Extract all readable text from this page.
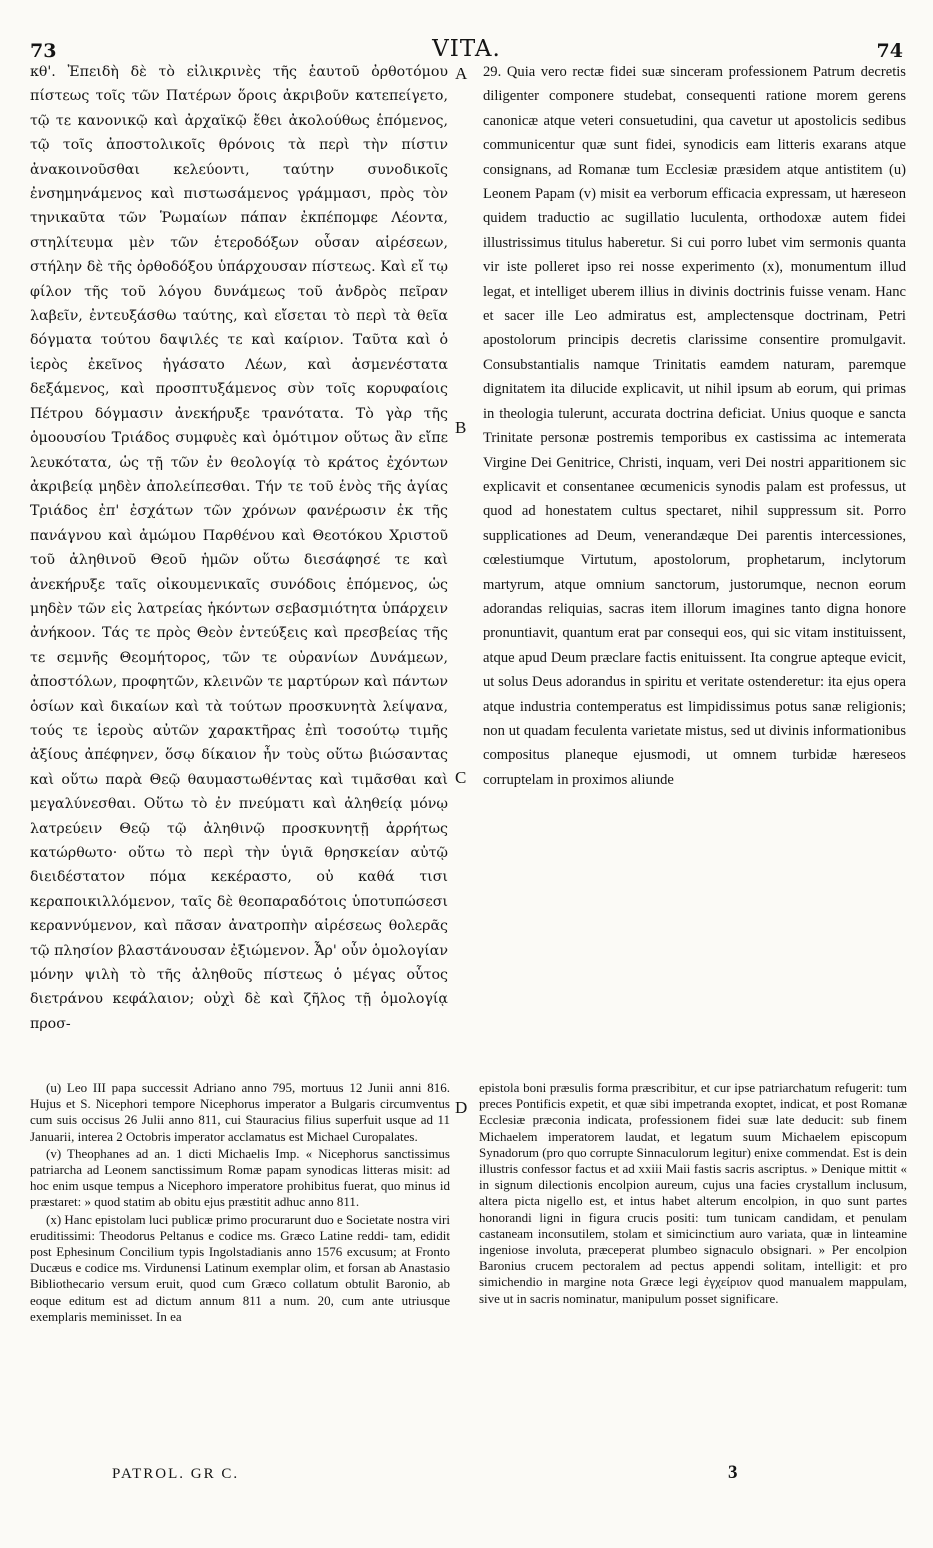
73	VITA.	74

κθ'. Ἐπειδὴ δὲ τὸ εἰλικρινὲς τῆς ἑαυτοῦ ὀρθοτόμου πίστεως τοῖς τῶν Πατέρων ὅροις ἀκριβοῦν κατεπείγετο, τῷ τε κανονικῷ καὶ ἀρχαϊκῷ ἔθει ἀκολούθως ἑπόμενος, τῷ τοῖς ἀποστολικοῖς θρόνοις τὰ περὶ τὴν πίστιν ἀνακοινοῦσθαι κελεύοντι, ταύτην συνοδικοῖς ἐνσημηνάμενος καὶ πιστωσάμενος γράμμασι, πρὸς τὸν τηνικαῦτα τῶν Ῥωμαίων πάπαν ἐκπέπομφε Λέοντα, στηλίτευμα μὲν τῶν ἑτεροδόξων οὖσαν αἱρέσεων, στήλην δὲ τῆς ὀρθοδόξου ὑπάρχουσαν πίστεως. Καὶ εἴ τῳ φίλον τῆς τοῦ λόγου δυνάμεως τοῦ ἀνδρὸς πεῖραν λαβεῖν, ἐντευξάσθω ταύτης, καὶ εἴσεται τὸ περὶ τὰ θεῖα δόγματα τούτου δαψιλές τε καὶ καίριον. Ταῦτα καὶ ὁ ἱερὸς ἐκεῖνος ἠγάσατο Λέων, καὶ ἀσμενέστατα δεξάμενος, καὶ προσπτυξάμενος σὺν τοῖς κορυφαίοις Πέτρου δόγμασιν ἀνεκήρυξε τρανότατα. Τὸ γὰρ τῆς ὁμοουσίου Τριάδος συμφυὲς καὶ ὁμότιμον οὕτως ἂν εἴπε λευκότατα, ὡς τῇ τῶν ἐν θεολογίᾳ τὸ κράτος ἐχόντων ἀκριβείᾳ μηδὲν ἀπολείπεσθαι. Τήν τε τοῦ ἑνὸς τῆς ἁγίας Τριάδος ἐπ' ἐσχάτων τῶν χρόνων φανέρωσιν ἐκ τῆς πανάγνου καὶ ἀμώμου Παρθένου καὶ Θεοτόκου Χριστοῦ τοῦ ἀληθινοῦ Θεοῦ ἡμῶν οὕτω διεσάφησέ τε καὶ ἀνεκήρυξε ταῖς οἰκουμενικαῖς συνόδοις ἑπόμενος, ὡς μηδὲν τῶν εἰς λατρείας ἡκόντων σεβασμιότητα ὑπάρχειν ἀνήκοον. Τάς τε πρὸς Θεὸν ἐντεύξεις καὶ πρεσβείας τῆς τε σεμνῆς Θεομήτορος, τῶν τε οὐρανίων Δυνάμεων, ἀποστόλων, προφητῶν, κλεινῶν τε μαρτύρων καὶ πάντων ὁσίων καὶ δικαίων καὶ τὰ τούτων προσκυνητὰ λείψανα, τούς τε ἱεροὺς αὐτῶν χαρακτῆρας ἐπὶ τοσούτῳ τιμῆς ἀξίους ἀπέφηνεν, ὅσῳ δίκαιον ἦν τοὺς οὕτω βιώσαντας καὶ οὕτω παρὰ Θεῷ θαυμαστωθέντας καὶ τιμᾶσθαι καὶ μεγαλύνεσθαι. Οὕτω τὸ ἐν πνεύματι καὶ ἀληθείᾳ μόνῳ λατρεύειν Θεῷ τῷ ἀληθινῷ προσκυνητῇ ἀρρήτως κατώρθωτο· οὕτω τὸ περὶ τὴν ὑγιᾶ θρησκείαν αὐτῷ διειδέστατον πόμα κεκέραστο, οὐ καθά τισι κεραποικιλλόμενον, ταῖς δὲ θεοπαραδότοις ὑποτυπώσεσι κεραννύμενον, καὶ πᾶσαν ἀνατροπὴν αἱρέσεως θολερᾶς τῷ πλησίον βλαστάνουσαν ἐξιώμενον. Ἆρ' οὖν ὁμολογίαν μόνην ψιλὴ τὸ τῆς ἀληθοῦς πίστεως ὁ μέγας οὗτος διετράνου κεφάλαιον; οὐχὶ δὲ καὶ ζῆλος τῇ ὁμολογίᾳ προσ-

A
B
C
D

29. Quia vero rectæ fidei suæ sinceram professionem Patrum decretis diligenter componere studebat, consequenti ratione morem gerens canonicæ atque veteri consuetudini, qua cavetur ut apostolicis sedibus communicentur quæ sunt fidei, synodicis eam litteris exarans atque consignans, ad Romanæ tum Ecclesiæ præsidem atque antistitem (u) Leonem Papam (v) misit ea verborum efficacia expressam, ut hæreseon quidem traductio ac sugillatio luculenta, orthodoxæ autem fidei illustrissimus titulus haberetur. Si cui porro lubet vim sermonis quanta vir iste polleret ipso rei nosse experimento (x), monumentum illud legat, et intelliget uberem illius in divinis doctrinis fuisse venam. Hanc et sacer ille Leo admiratus est, amplectensque doctrinam, Petri apostolorum principis decretis clarissime consentire promulgavit. Consubstantialis namque Trinitatis eamdem naturam, paremque dignitatem ita dilucide explicavit, ut nihil ipsum ab eorum, qui primas in theologia tulerunt, accurata doctrina deficiat. Unius quoque e sancta Trinitate personæ postremis temporibus ex castissima ac intemerata Virgine Dei Genitrice, Christi, inquam, veri Dei nostri apparitionem sic explicavit et consentanee œcumenicis synodis palam est professus, ut quod ad honestatem cultus spectaret, nihil suppressum sit. Porro supplicationes ad Deum, venerandæque Dei parentis intercessiones, cœlestiumque Virtutum, apostolorum, prophetarum, inclytorum martyrum, atque omnium sanctorum, justorumque, necnon eorum adorandas reliquias, sacras item illorum imagines tanto digna honore pronuntiavit, quantum erat par consequi eos, qui sic vitam instituissent, atque apud Deum præclare factis enituissent. Ita congrue apteque evicit, ut solus Deus adorandus in spiritu et veritate ostenderetur: ita ejus opera atque industria contemperatus est limpidissimus potus sanæ religionis; non ut quadam feculenta varietate mistus, sed ut divinis informationibus compositus planeque ejusmodi, ut omnem turbidæ hæreseos corruptelam in proximos aliunde

(u) Leo III papa successit Adriano anno 795, mortuus 12 Junii anni 816. Hujus et S. Nicephori tempore Nicephorus imperator a Bulgaris circumventus cum suis occisus 26 Julii anno 811, cui Stauracius filius superfuit usque ad 11 Januarii, interea 2 Octobris imperator acclamatus est Michael Curopalates.

(v) Theophanes ad an. 1 dicti Michaelis Imp. « Nicephorus sanctissimus patriarcha ad Leonem sanctissimum Romæ papam synodicas litteras misit: ad hoc enim usque tempus a Nicephoro imperatore prohibitus fuerat, quo minus id præstaret: » quod statim ab obitu ejus præstitit adhuc anno 811.

(x) Hanc epistolam luci publicæ primo procurarunt duo e Societate nostra viri eruditissimi: Theodorus Peltanus e codice ms. Græco Latine reddi- tam, edidit post Ephesinum Concilium typis Ingolstadianis anno 1576 excusum; at Fronto Ducæus e codice ms. Virdunensi Latinum exemplar olim, et forsan ab Anastasio Bibliothecario versum eruit, quod cum Græco collatum obtulit Baronio, ab eoque editum est ad dictum annum 811 a num. 20, cum ante utriusque exemplaris meminisset. In ea

epistola boni præsulis forma præscribitur, et cur ipse patriarchatum refugerit: tum preces Pontificis expetit, et quæ sibi impetranda exoptet, indicat, et post Romanæ Ecclesiæ præconia indicata, professionem fidei suæ late deducit: sub finem Michaelem imperatorem laudat, et legatum suum Michaelem episcopum Synadorum (pro quo corrupte Sinnaculorum legitur) enixe commendat. Est is dein illustris confessor factus et ad xxiii Maii fastis sacris ascriptus. » Denique mittit « in signum dilectionis encolpion aureum, cujus una facies crystallum inclusum, altera picta nigello est, et intus habet alterum encolpion, in quo sunt partes honorandi ligni in figura crucis positi: tum tunicam candidam, et penulam castaneam inconsutilem, stolam et simicinctium auro variata, quæ in linteamine ingeniose involuta, præceperat plumbeo signaculo obsignari. » Per encolpion Baronius crucem pectoralem ad pectus appendi solitam, intelligit: et pro simichendio in margine nota Græce legi ἐγχείριον quod manualem mappulam, sive ut in sacris nominatur, manipulum posset significare.

PATROL. GR C.	3
